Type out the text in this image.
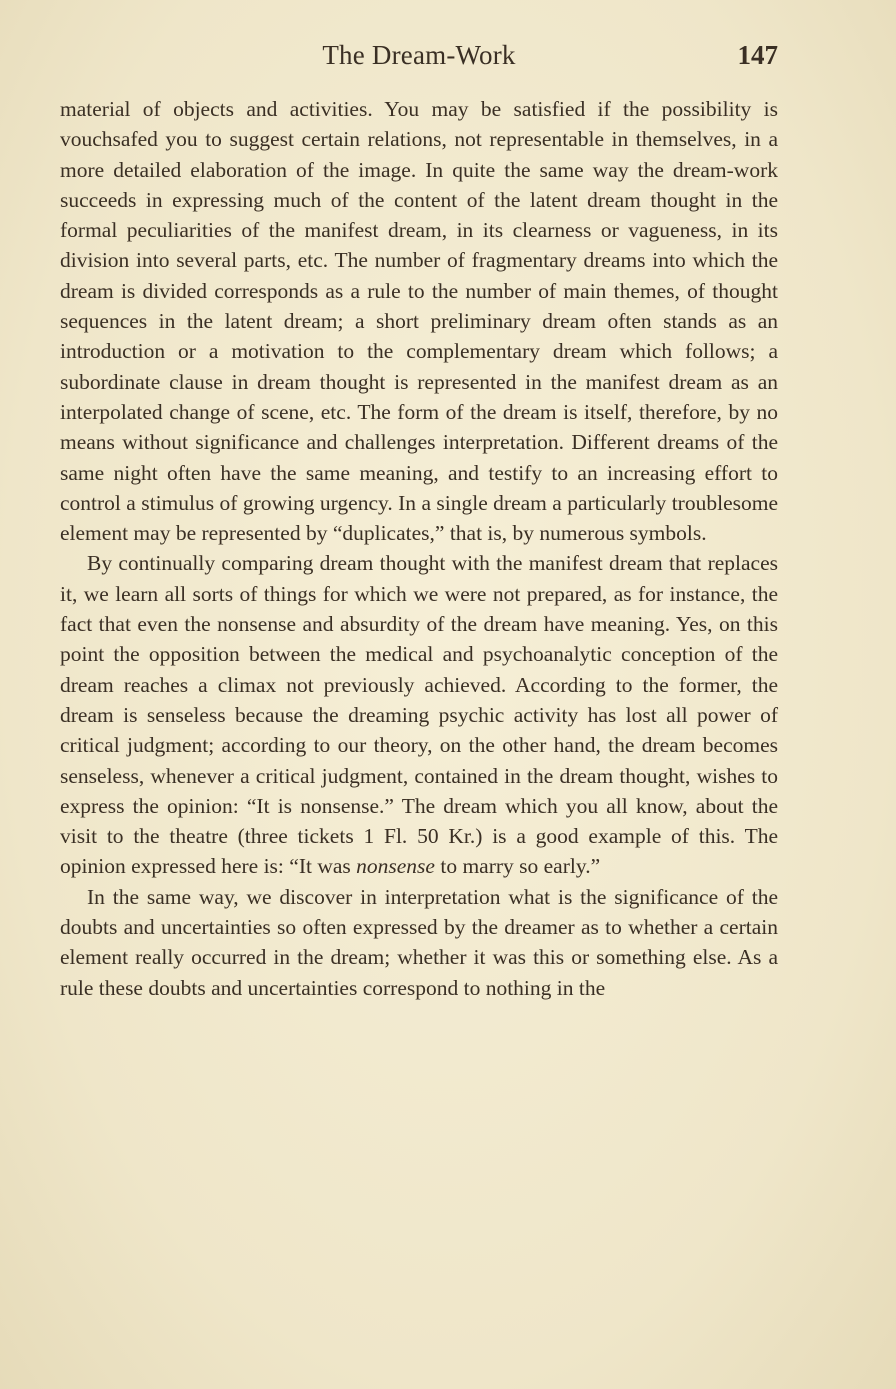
The Dream-Work	147

material of objects and activities. You may be satisfied if the possibility is vouchsafed you to suggest certain relations, not representable in themselves, in a more detailed elaboration of the image. In quite the same way the dream-work succeeds in expressing much of the content of the latent dream thought in the formal peculiarities of the manifest dream, in its clearness or vagueness, in its division into several parts, etc. The number of fragmentary dreams into which the dream is divided corresponds as a rule to the number of main themes, of thought sequences in the latent dream; a short preliminary dream often stands as an introduction or a motivation to the complementary dream which follows; a subordinate clause in dream thought is represented in the manifest dream as an interpolated change of scene, etc. The form of the dream is itself, therefore, by no means without significance and challenges interpretation. Different dreams of the same night often have the same meaning, and testify to an increasing effort to control a stimulus of growing urgency. In a single dream a particularly troublesome element may be represented by “duplicates,” that is, by numerous symbols.

By continually comparing dream thought with the manifest dream that replaces it, we learn all sorts of things for which we were not prepared, as for instance, the fact that even the nonsense and absurdity of the dream have meaning. Yes, on this point the opposition between the medical and psychoanalytic conception of the dream reaches a climax not previously achieved. According to the former, the dream is senseless because the dreaming psychic activity has lost all power of critical judgment; according to our theory, on the other hand, the dream becomes senseless, whenever a critical judgment, contained in the dream thought, wishes to express the opinion: “It is nonsense.” The dream which you all know, about the visit to the theatre (three tickets 1 Fl. 50 Kr.) is a good example of this. The opinion expressed here is: “It was nonsense to marry so early.”

In the same way, we discover in interpretation what is the significance of the doubts and uncertainties so often expressed by the dreamer as to whether a certain element really occurred in the dream; whether it was this or something else. As a rule these doubts and uncertainties correspond to nothing in the
